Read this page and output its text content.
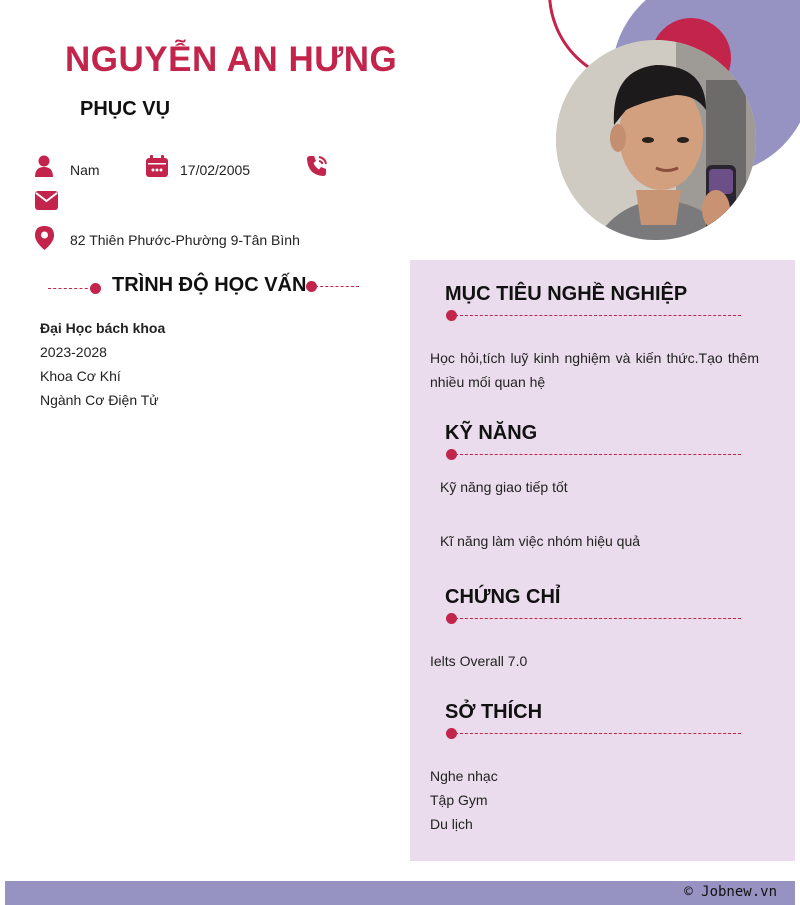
NGUYỄN AN HƯNG
PHỤC VỤ
Nam	17/02/2005
82 Thiên Phước-Phường 9-Tân Bình
TRÌNH ĐỘ HỌC VẤN
Đại Học bách khoa
2023-2028
Khoa Cơ Khí
Ngành Cơ Điện Tử
MỤC TIÊU NGHỀ NGHIỆP
Học hỏi,tích luỹ kinh nghiệm và kiến thức.Tạo thêm
nhiều mối quan hệ
KỸ NĂNG
Kỹ năng giao tiếp tốt
Kĩ năng làm việc nhóm hiệu quả
CHỨNG CHỈ
Ielts Overall 7.0
SỞ THÍCH
Nghe nhạc
Tập Gym
Du lịch
© Jobnew.vn
